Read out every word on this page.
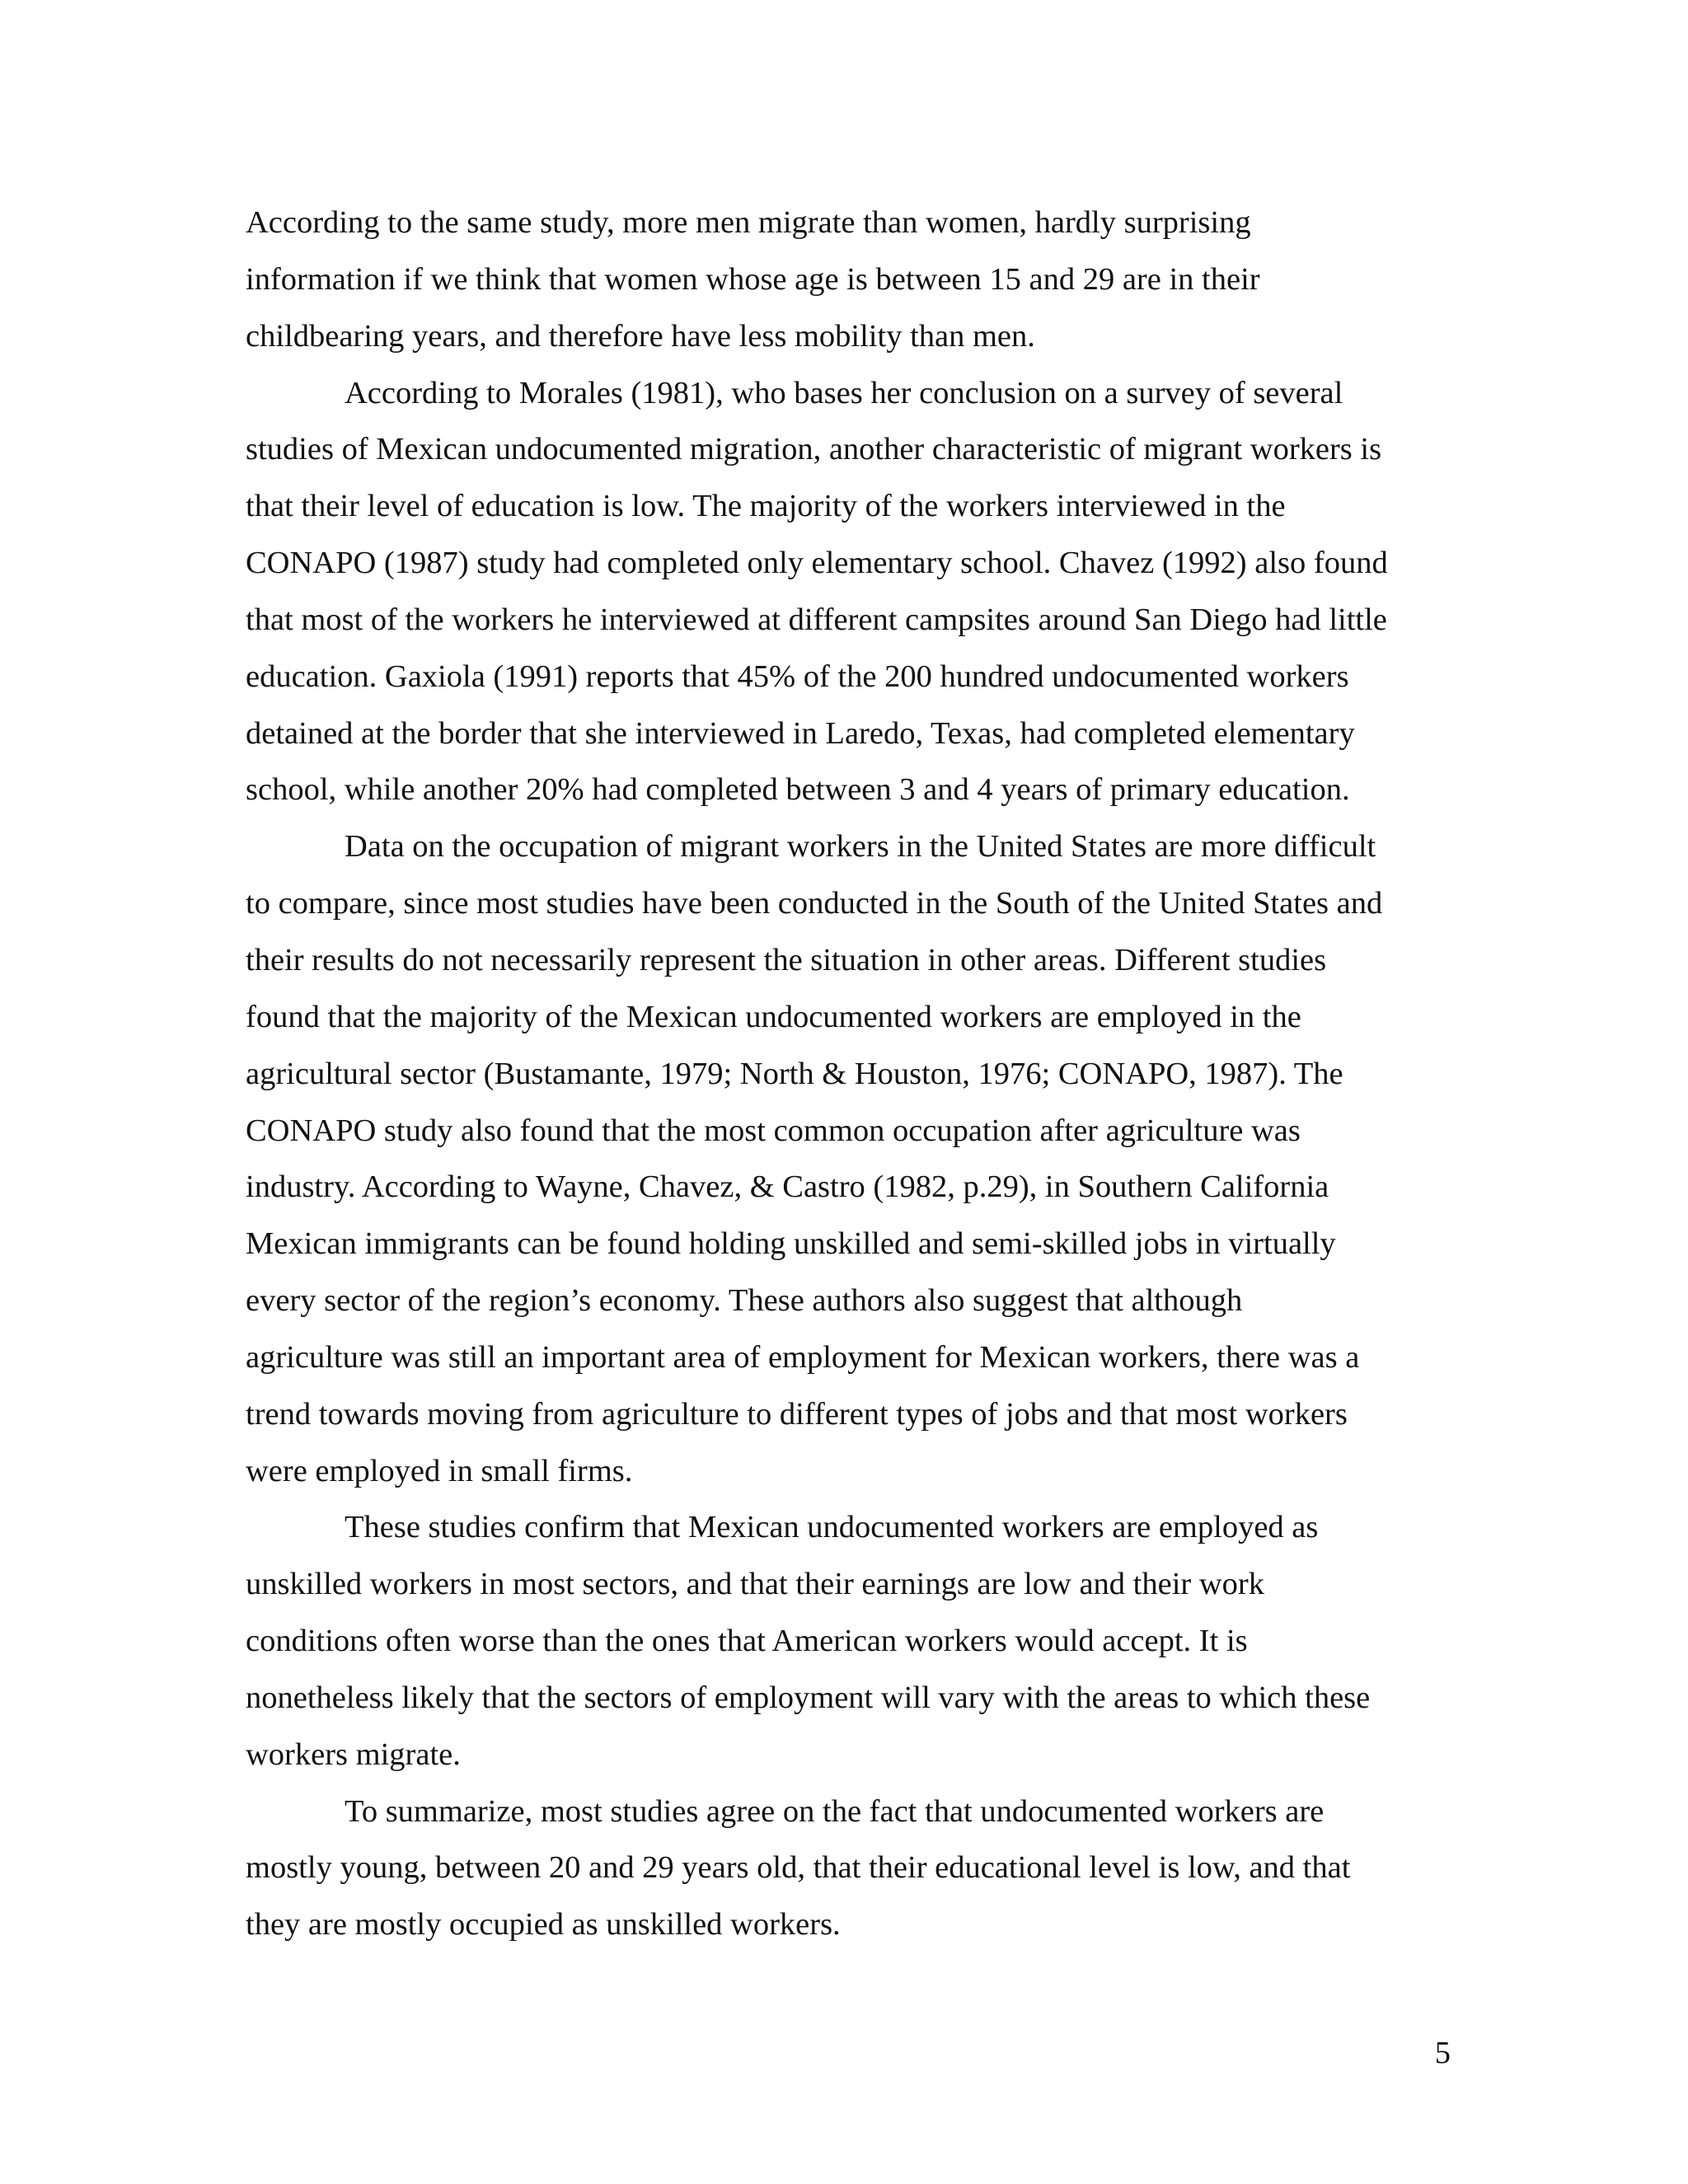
According to the same study, more men migrate than women, hardly surprising
information if we think that women whose age is between 15 and 29 are in their
childbearing years, and therefore have less mobility than men.
According to Morales (1981), who bases her conclusion on a survey of several
studies of Mexican undocumented migration, another characteristic of migrant workers is
that their level of education is low. The majority of the workers interviewed in the
CONAPO (1987) study had completed only elementary school. Chavez (1992) also found
that most of the workers he interviewed at different campsites around San Diego had little
education. Gaxiola (1991) reports that 45% of the 200 hundred undocumented workers
detained at the border that she interviewed in Laredo, Texas, had completed elementary
school, while another 20% had completed between 3 and 4 years of primary education.
Data on the occupation of migrant workers in the United States are more difficult
to compare, since most studies have been conducted in the South of the United States and
their results do not necessarily represent the situation in other areas. Different studies
found that the majority of the Mexican undocumented workers are employed in the
agricultural sector (Bustamante, 1979; North & Houston, 1976; CONAPO, 1987). The
CONAPO study also found that the most common occupation after agriculture was
industry. According to Wayne, Chavez, & Castro (1982, p.29), in Southern California
Mexican immigrants can be found holding unskilled and semi-skilled jobs in virtually
every sector of the region’s economy. These authors also suggest that although
agriculture was still an important area of employment for Mexican workers, there was a
trend towards moving from agriculture to different types of jobs and that most workers
were employed in small firms.
These studies confirm that Mexican undocumented workers are employed as
unskilled workers in most sectors, and that their earnings are low and their work
conditions often worse than the ones that American workers would accept. It is
nonetheless likely that the sectors of employment will vary with the areas to which these
workers migrate.
To summarize, most studies agree on the fact that undocumented workers are
mostly young, between 20 and 29 years old, that their educational level is low, and that
they are mostly occupied as unskilled workers.
5
